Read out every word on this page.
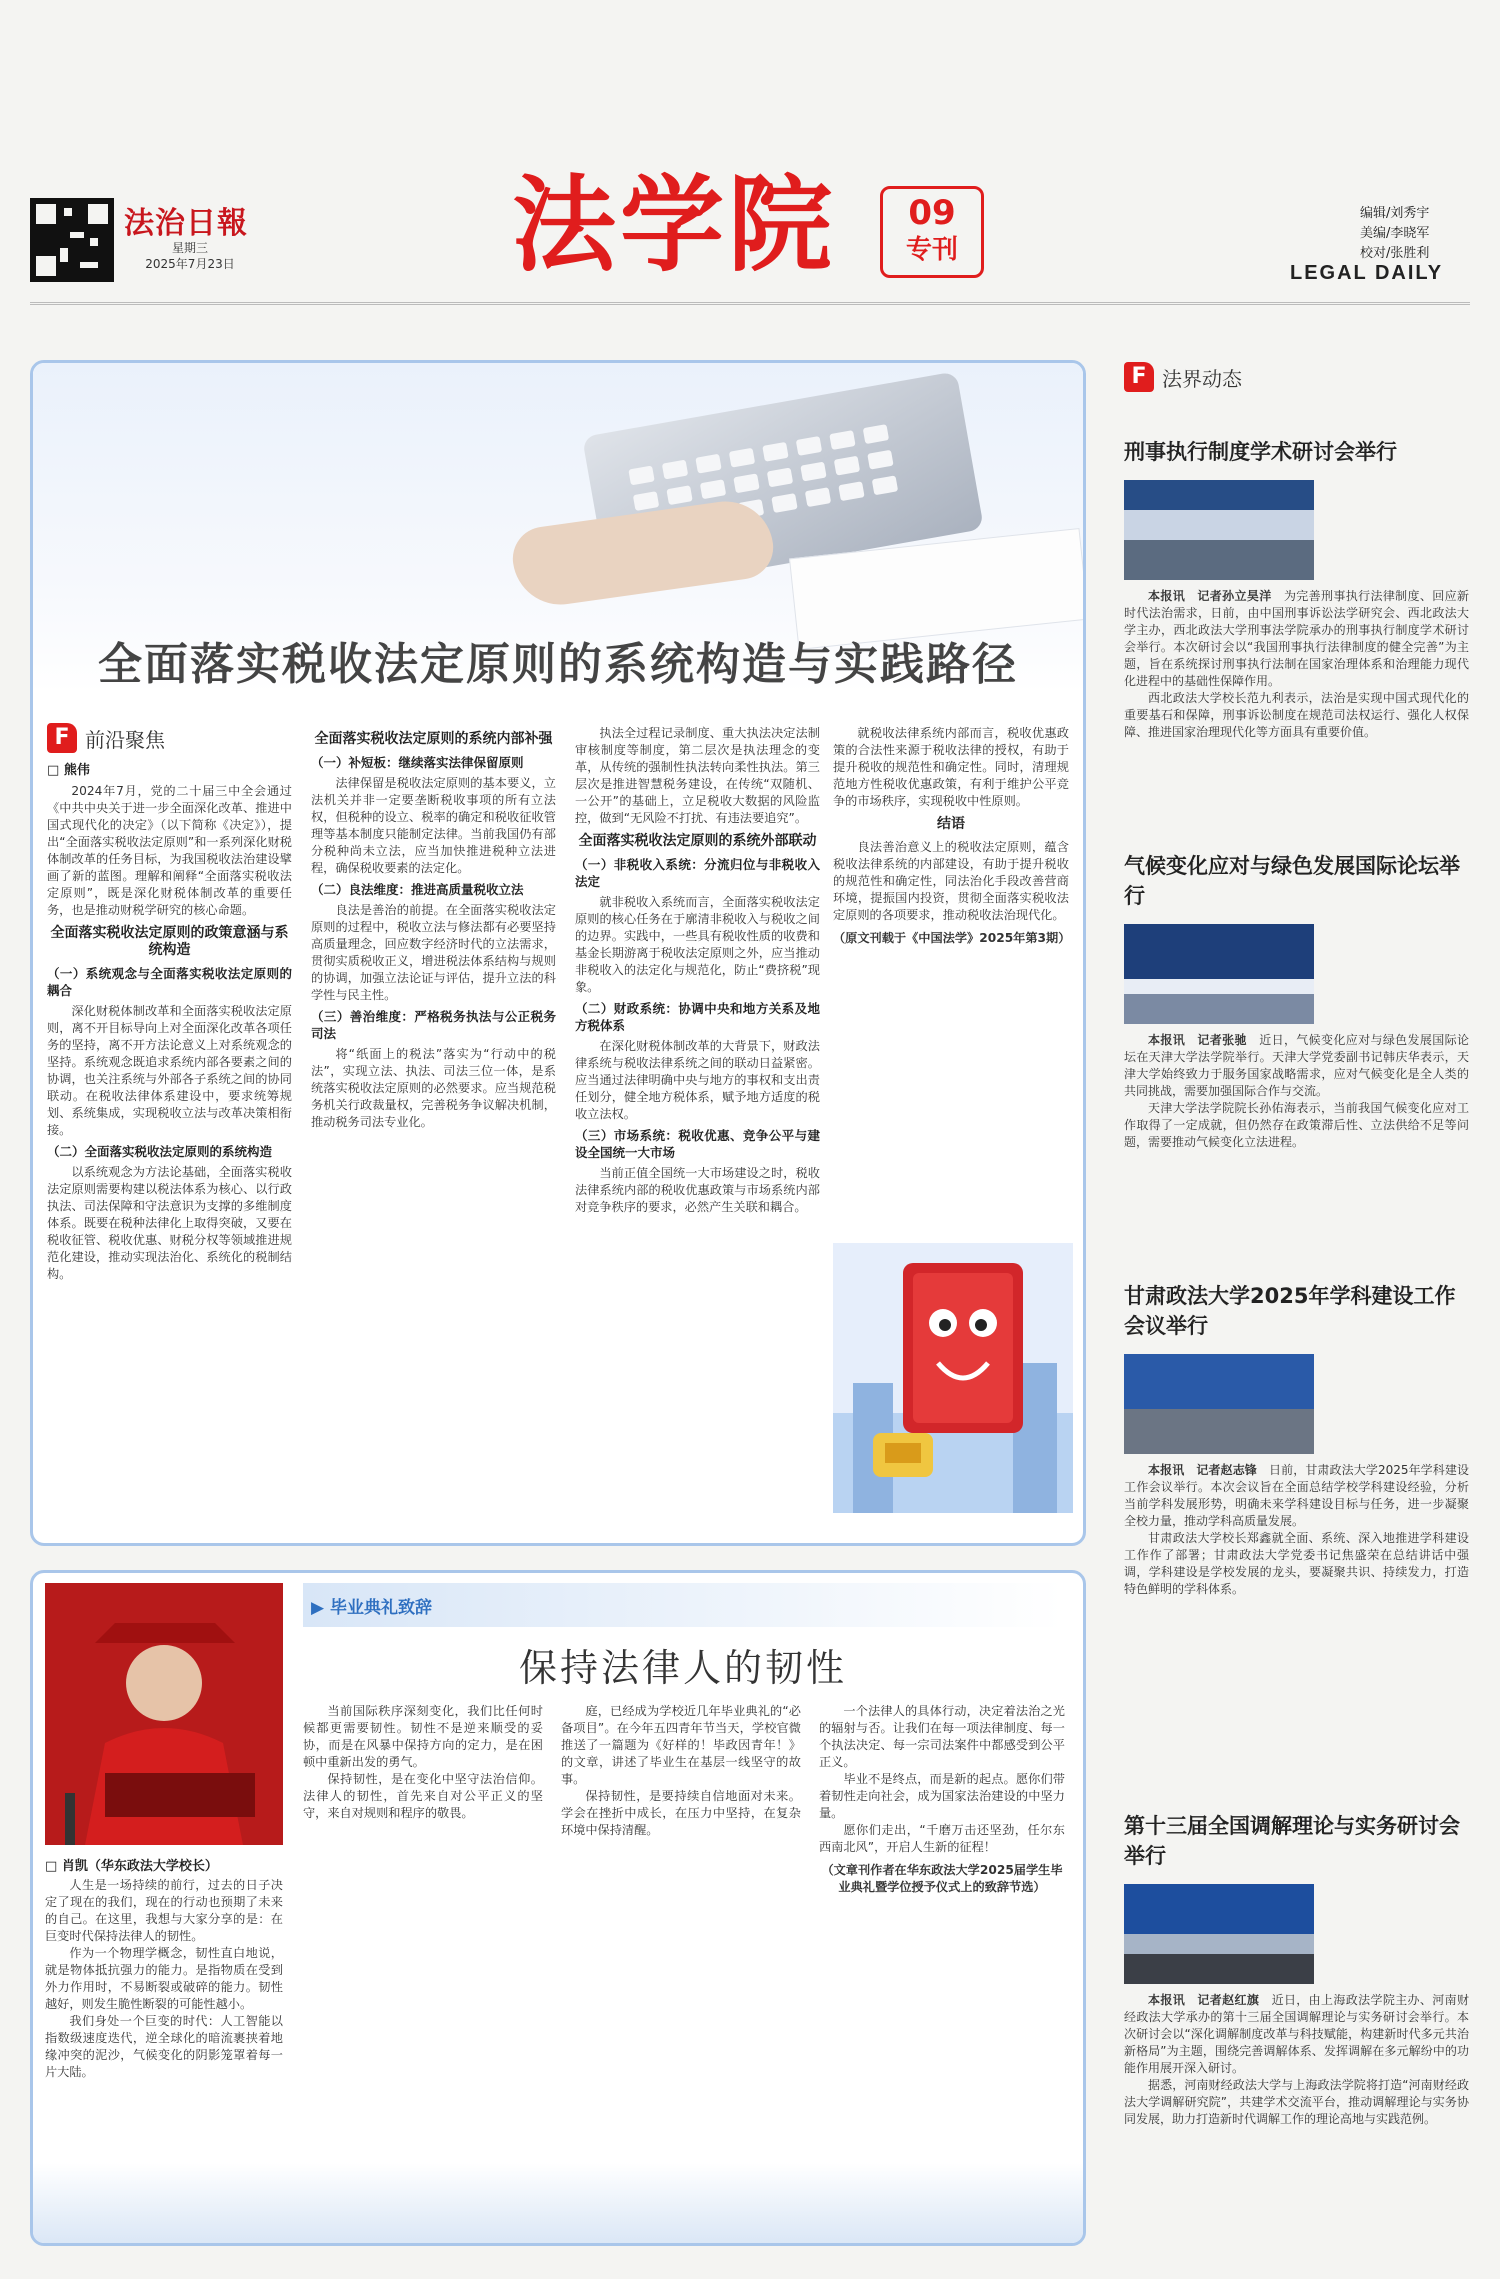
法治日報
星期三
2025年7月23日	法学院	09
专刊
编辑/刘秀宇
美编/李晓军
校对/张胜利
LEGAL DAILY
全面落实税收法定原则的系统构造与实践路径
F 前沿聚焦
□ 熊伟

2024年7月，党的二十届三中全会通过《中共中央关于进一步全面深化改革、推进中国式现代化的决定》（以下简称《决定》），提出“全面落实税收法定原则”和一系列深化财税体制改革的任务目标，为我国税收法治建设擘画了新的蓝图。理解和阐释“全面落实税收法定原则”，既是深化财税体制改革的重要任务，也是推动财税学研究的核心命题。

全面落实税收法定原则的政策意涵与系统构造
（一）系统观念与全面落实税收法定原则的耦合

深化财税体制改革和全面落实税收法定原则，离不开目标导向上对全面深化改革各项任务的坚持，离不开方法论意义上对系统观念的坚持。系统观念既追求系统内部各要素之间的协调，也关注系统与外部各子系统之间的协同联动。在税收法律体系建设中，要求统筹规划、系统集成，实现税收立法与改革决策相衔接。

（二）全面落实税收法定原则的系统构造

以系统观念为方法论基础，全面落实税收法定原则需要构建以税法体系为核心、以行政执法、司法保障和守法意识为支撑的多维制度体系。既要在税种法律化上取得突破，又要在税收征管、税收优惠、财税分权等领域推进规范化建设，推动实现法治化、系统化的税制结构。

全面落实税收法定原则的系统内部补强
（一）补短板：继续落实法律保留原则

法律保留是税收法定原则的基本要义，立法机关并非一定要垄断税收事项的所有立法权，但税种的设立、税率的确定和税收征收管理等基本制度只能制定法律。当前我国仍有部分税种尚未立法，应当加快推进税种立法进程，确保税收要素的法定化。

（二）良法维度：推进高质量税收立法

良法是善治的前提。在全面落实税收法定原则的过程中，税收立法与修法都有必要坚持高质量理念，回应数字经济时代的立法需求，贯彻实质税收正义，增进税法体系结构与规则的协调，加强立法论证与评估，提升立法的科学性与民主性。

（三）善治维度：严格税务执法与公正税务司法

将“纸面上的税法”落实为“行动中的税法”，实现立法、执法、司法三位一体，是系统落实税收法定原则的必然要求。应当规范税务机关行政裁量权，完善税务争议解决机制，推动税务司法专业化。

执法全过程记录制度、重大执法决定法制审核制度等制度，第二层次是执法理念的变革，从传统的强制性执法转向柔性执法。第三层次是推进智慧税务建设，在传统“双随机、一公开”的基础上，立足税收大数据的风险监控，做到“无风险不打扰、有违法要追究”。

全面落实税收法定原则的系统外部联动
（一）非税收入系统：分流归位与非税收入法定

就非税收入系统而言，全面落实税收法定原则的核心任务在于廓清非税收入与税收之间的边界。实践中，一些具有税收性质的收费和基金长期游离于税收法定原则之外，应当推动非税收入的法定化与规范化，防止“费挤税”现象。

（二）财政系统：协调中央和地方关系及地方税体系

在深化财税体制改革的大背景下，财政法律系统与税收法律系统之间的联动日益紧密。应当通过法律明确中央与地方的事权和支出责任划分，健全地方税体系，赋予地方适度的税收立法权。

（三）市场系统：税收优惠、竞争公平与建设全国统一大市场

当前正值全国统一大市场建设之时，税收法律系统内部的税收优惠政策与市场系统内部对竞争秩序的要求，必然产生关联和耦合。

就税收法律系统内部而言，税收优惠政策的合法性来源于税收法律的授权，有助于提升税收的规范性和确定性。同时，清理规范地方性税收优惠政策，有利于维护公平竞争的市场秩序，实现税收中性原则。

结语

良法善治意义上的税收法定原则，蕴含税收法律系统的内部建设，有助于提升税收的规范性和确定性，同法治化手段改善营商环境，提振国内投资，贯彻全面落实税收法定原则的各项要求，推动税收法治现代化。

（原文刊载于《中国法学》2025年第3期）
□ 肖凯（华东政法大学校长）

人生是一场持续的前行，过去的日子决定了现在的我们，现在的行动也预期了未来的自己。在这里，我想与大家分享的是：在巨变时代保持法律人的韧性。

作为一个物理学概念，韧性直白地说，就是物体抵抗强力的能力。是指物质在受到外力作用时，不易断裂或破碎的能力。韧性越好，则发生脆性断裂的可能性越小。

我们身处一个巨变的时代：人工智能以指数级速度迭代，逆全球化的暗流裹挟着地缘冲突的泥沙，气候变化的阴影笼罩着每一片大陆。

▶ 毕业典礼致辞
保持法律人的韧性

当前国际秩序深刻变化，我们比任何时候都更需要韧性。韧性不是逆来顺受的妥协，而是在风暴中保持方向的定力，是在困顿中重新出发的勇气。

保持韧性，是在变化中坚守法治信仰。法律人的韧性，首先来自对公平正义的坚守，来自对规则和程序的敬畏。

庭，已经成为学校近几年毕业典礼的“必备项目”。在今年五四青年节当天，学校官微推送了一篇题为《好样的！毕政因青年！》的文章，讲述了毕业生在基层一线坚守的故事。

保持韧性，是要持续自信地面对未来。学会在挫折中成长，在压力中坚持，在复杂环境中保持清醒。

一个法律人的具体行动，决定着法治之光的辐射与否。让我们在每一项法律制度、每一个执法决定、每一宗司法案件中都感受到公平正义。

毕业不是终点，而是新的起点。愿你们带着韧性走向社会，成为国家法治建设的中坚力量。

愿你们走出，“千磨万击还坚劲，任尔东西南北风”，开启人生新的征程！

（文章刊作者在华东政法大学2025届学生毕业典礼暨学位授予仪式上的致辞节选）
F 法界动态
刑事执行制度学术研讨会举行

本报讯　记者孙立昊洋　 为完善刑事执行法律制度、回应新时代法治需求，日前，由中国刑事诉讼法学研究会、西北政法大学主办，西北政法大学刑事法学院承办的刑事执行制度学术研讨会举行。本次研讨会以“我国刑事执行法律制度的健全完善”为主题，旨在系统探讨刑事执行法制在国家治理体系和治理能力现代化进程中的基础性保障作用。

西北政法大学校长范九利表示，法治是实现中国式现代化的重要基石和保障，刑事诉讼制度在规范司法权运行、强化人权保障、推进国家治理现代化等方面具有重要价值。

气候变化应对与绿色发展国际论坛举行

本报讯　记者张驰　 近日，气候变化应对与绿色发展国际论坛在天津大学法学院举行。天津大学党委副书记韩庆华表示，天津大学始终致力于服务国家战略需求，应对气候变化是全人类的共同挑战，需要加强国际合作与交流。

天津大学法学院院长孙佑海表示，当前我国气候变化应对工作取得了一定成就，但仍然存在政策滞后性、立法供给不足等问题，需要推动气候变化立法进程。

甘肃政法大学2025年学科建设工作会议举行

本报讯　记者赵志锋　 日前，甘肃政法大学2025年学科建设工作会议举行。本次会议旨在全面总结学校学科建设经验，分析当前学科发展形势，明确未来学科建设目标与任务，进一步凝聚全校力量，推动学科高质量发展。

甘肃政法大学校长郑鑫就全面、系统、深入地推进学科建设工作作了部署；甘肃政法大学党委书记焦盛荣在总结讲话中强调，学科建设是学校发展的龙头，要凝聚共识、持续发力，打造特色鲜明的学科体系。

第十三届全国调解理论与实务研讨会举行

本报讯　记者赵红旗　 近日，由上海政法学院主办、河南财经政法大学承办的第十三届全国调解理论与实务研讨会举行。本次研讨会以“深化调解制度改革与科技赋能，构建新时代多元共治新格局”为主题，围绕完善调解体系、发挥调解在多元解纷中的功能作用展开深入研讨。

据悉，河南财经政法大学与上海政法学院将打造“河南财经政法大学调解研究院”，共建学术交流平台，推动调解理论与实务协同发展，助力打造新时代调解工作的理论高地与实践范例。
